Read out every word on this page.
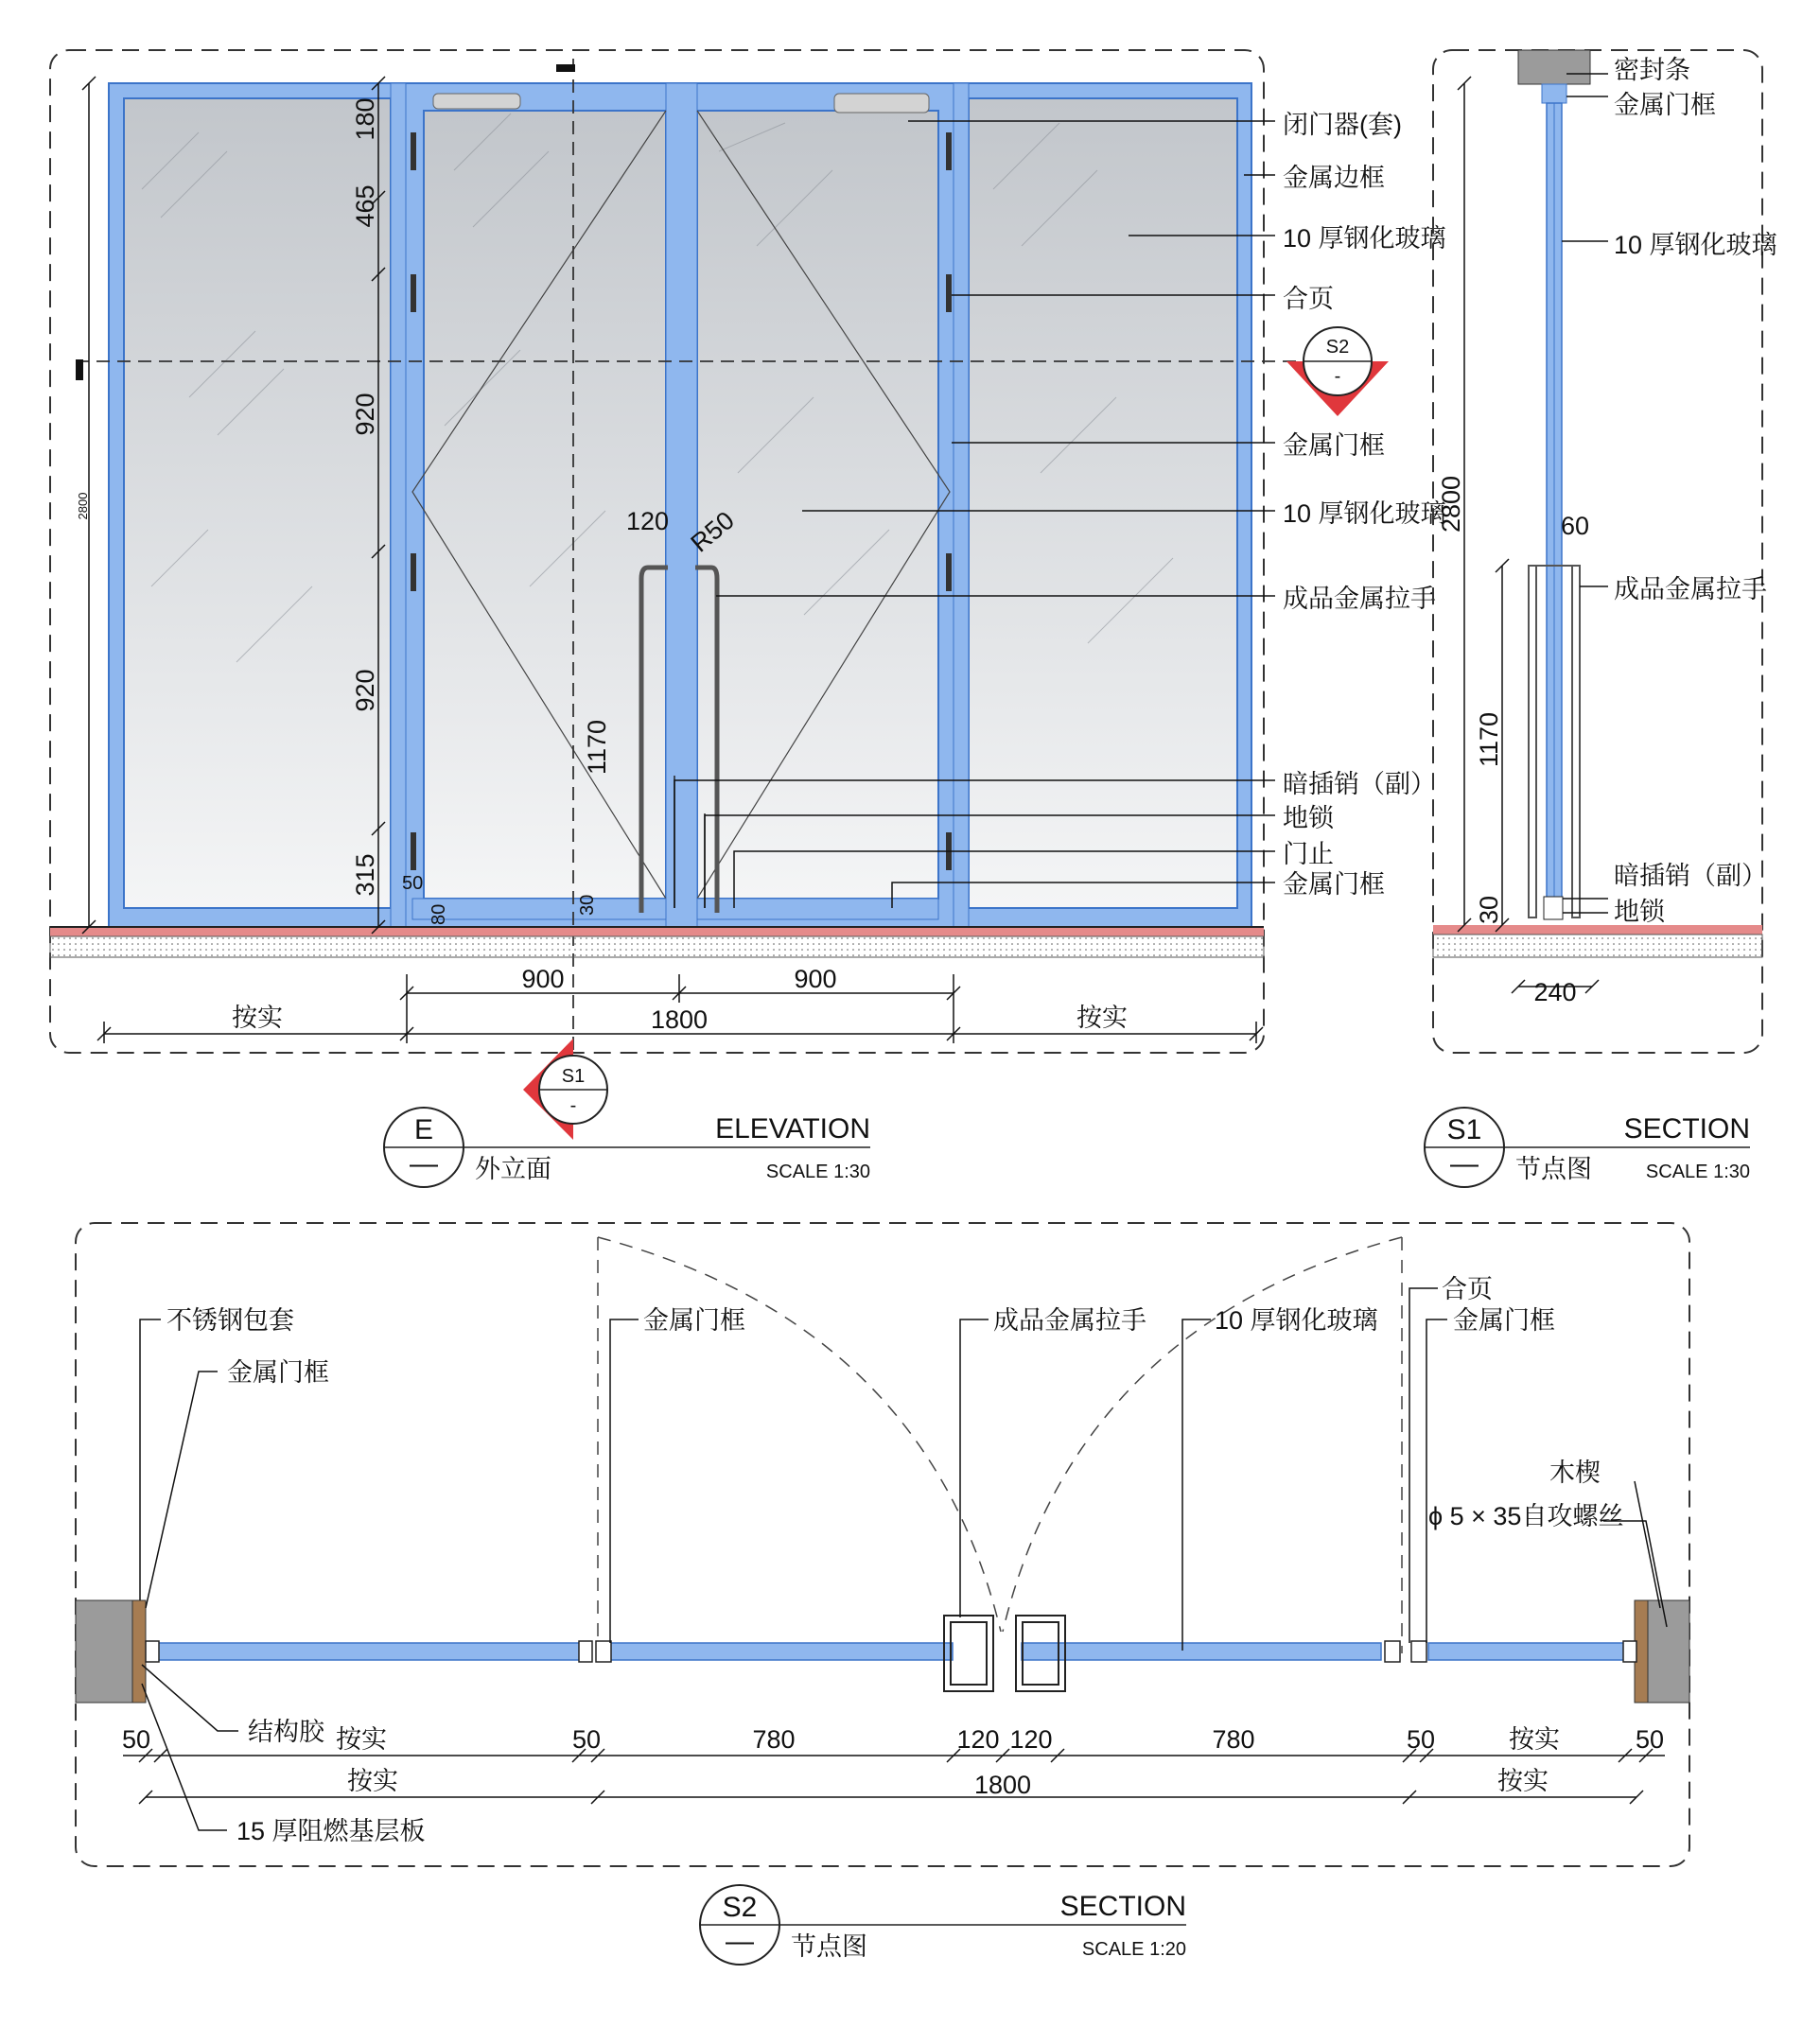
闭门器(套)
金属边框
10 厚钢化玻璃
合页
金属门框
10 厚钢化玻璃
成品金属拉手
暗插销（副）
地锁
门止
金属门框
180
465
920
920
315
2800
120 R50
1170
50
80	30
900	900
按实	1800	按实
S1
-
密封条
金属门框
10 厚钢化玻璃
成品金属拉手
暗插销（副）
地锁
2800	60
1170
30
240
S2
-
E
—
ELEVATION
外立面	SCALE 1:30
S1
—
SECTION
节点图	SCALE 1:30
S2
—
SECTION
节点图	SCALE 1:20
不锈钢包套
金属门框
金属门框	成品金属拉手	10 厚钢化玻璃
合页
金属门框
木楔
ϕ 5 × 35自攻螺丝
结构胶
15 厚阻燃基层板
50	按实	50	780	120 120	780	50	按实	50
按实	1800	按实
